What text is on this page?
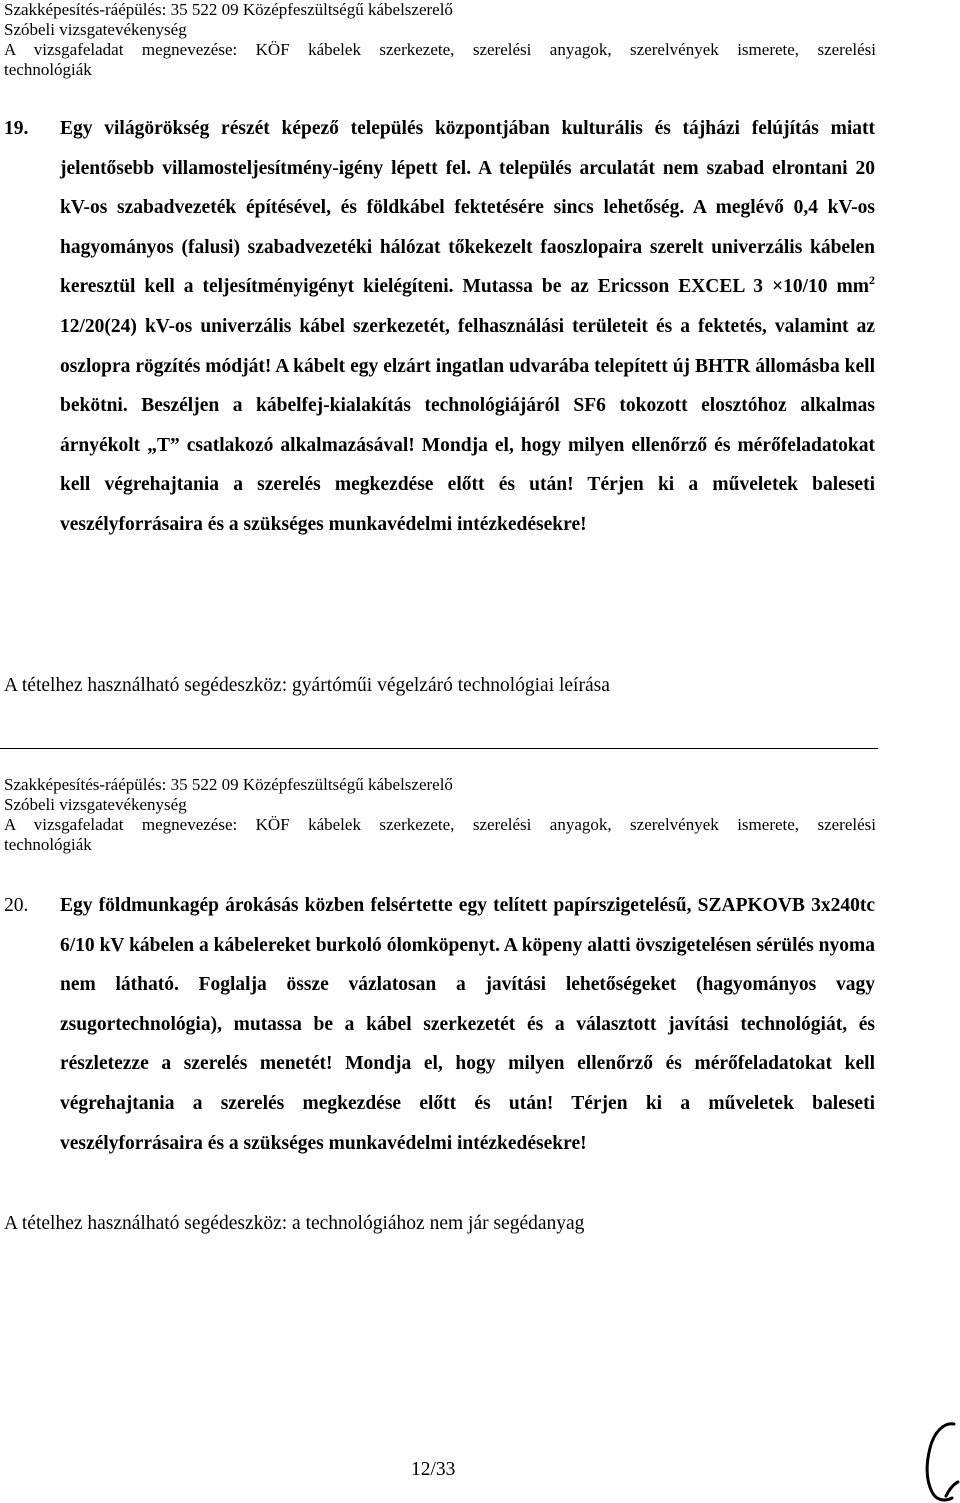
Szakképesítés-ráépülés: 35 522 09 Középfeszültségű kábelszerelő
Szóbeli vizsgatevékenység
A vizsgafeladat megnevezése: KÖF kábelek szerkezete, szerelési anyagok, szerelvények ismerete, szerelési
technológiák
19. Egy világörökség részét képező település központjában kulturális és tájházi felújítás miatt jelentősebb villamosteljesítmény-igény lépett fel. A település arculatát nem szabad elrontani 20 kV-os szabadvezeték építésével, és földkábel fektetésére sincs lehetőség. A meglévő 0,4 kV-os hagyományos (falusi) szabadvezetéki hálózat tőkekezelt faoszlopaira szerelt univerzális kábelen keresztül kell a teljesítményigényt kielégíteni. Mutassa be az Ericsson EXCEL 3 ×10/10 $mm^2$ 12/20(24) kV-os univerzális kábel szerkezetét, felhasználási területeit és a fektetés, valamint az oszlopra rögzítés módját! A kábelt egy elzárt ingatlan udvarába telepített új BHTR állomásba kell bekötni. Beszéljen a kábelfej-kialakítás technológiájáról SF6 tokozott elosztóhoz alkalmas árnyékolt „T” csatlakozó alkalmazásával! Mondja el, hogy milyen ellenőrző és mérőfeladatokat kell végrehajtania a szerelés megkezdése előtt és után! Térjen ki a műveletek baleseti veszélyforrásaira és a szükséges munkavédelmi intézkedésekre!
A tételhez használható segédeszköz: gyártóműi végelzáró technológiai leírása
Szakképesítés-ráépülés: 35 522 09 Középfeszültségű kábelszerelő
Szóbeli vizsgatevékenység
A vizsgafeladat megnevezése: KÖF kábelek szerkezete, szerelési anyagok, szerelvények ismerete, szerelési
technológiák
20. Egy földmunkagép árokásás közben felsértette egy telített papírszigetelésű, SZAPKOVB 3x240tc 6/10 kV kábelen a kábelereket burkoló ólomköpenyt. A köpeny alatti övszigetelésen sérülés nyoma nem látható. Foglalja össze vázlatosan a javítási lehetőségeket (hagyományos vagy zsugortechnológia), mutassa be a kábel szerkezetét és a választott javítási technológiát, és részletezze a szerelés menetét! Mondja el, hogy milyen ellenőrző és mérőfeladatokat kell végrehajtania a szerelés megkezdése előtt és után! Térjen ki a műveletek baleseti veszélyforrásaira és a szükséges munkavédelmi intézkedésekre!
A tételhez használható segédeszköz: a technológiához nem jár segédanyag
12/33
